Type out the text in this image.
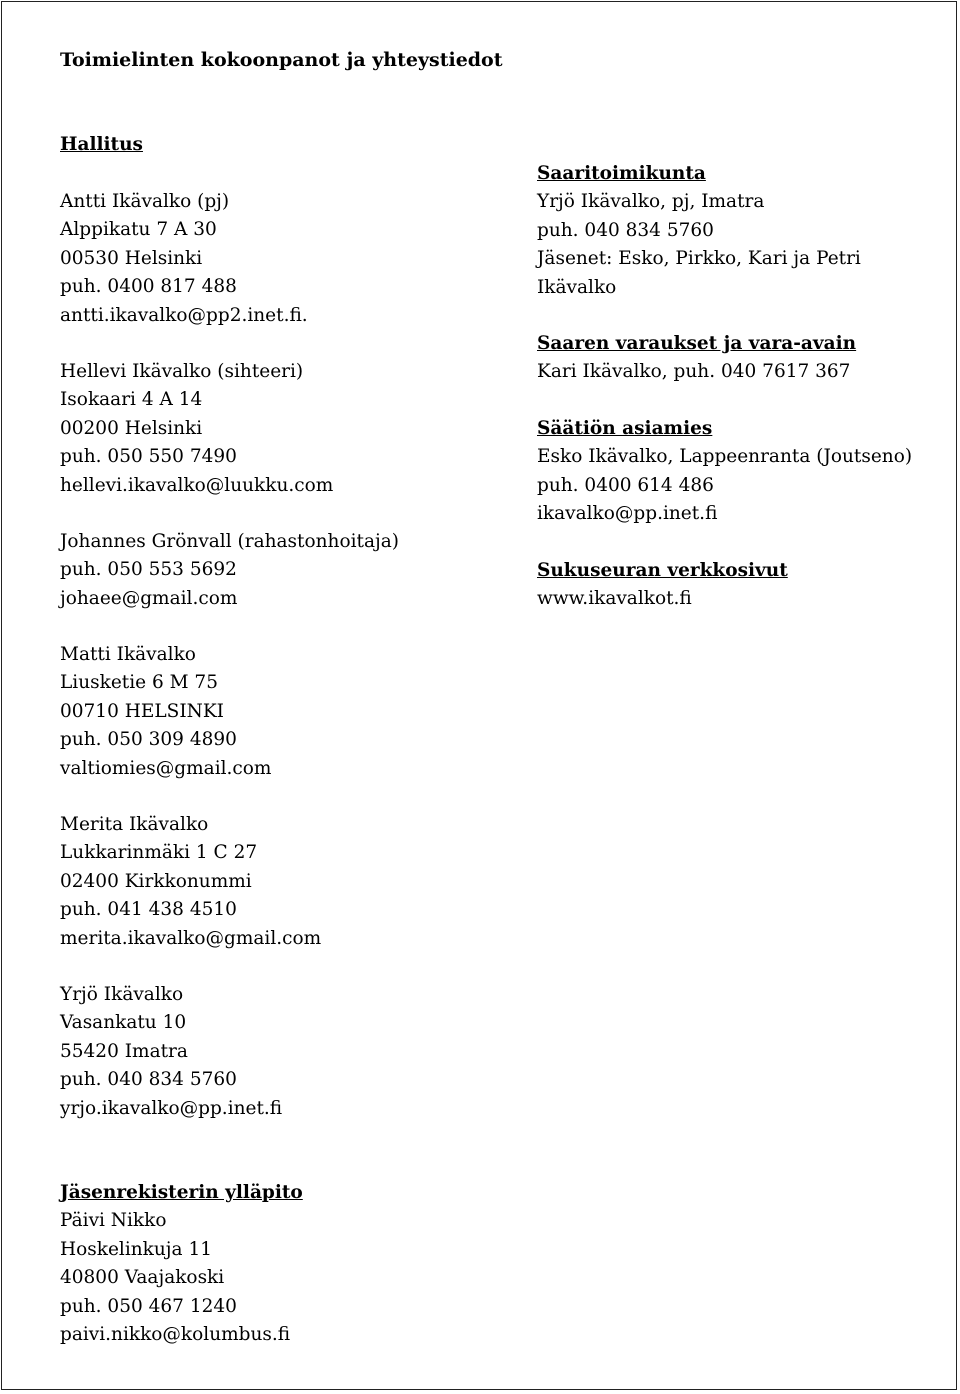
Toimielinten kokoonpanot ja yhteystiedot
Hallitus
Antti Ikävalko (pj)
Alppikatu 7 A 30
00530 Helsinki
puh. 0400 817 488
antti.ikavalko@pp2.inet.fi.
Hellevi Ikävalko (sihteeri)
Isokaari 4 A 14
00200 Helsinki
puh. 050 550 7490
hellevi.ikavalko@luukku.com
Johannes Grönvall (rahastonhoitaja)
puh. 050 553 5692
johaee@gmail.com
Matti Ikävalko
Liusketie 6 M 75
00710 HELSINKI
puh. 050 309 4890
valtiomies@gmail.com
Merita Ikävalko
Lukkarinmäki 1 C 27
02400 Kirkkonummi
puh. 041 438 4510
merita.ikavalko@gmail.com
Yrjö Ikävalko
Vasankatu 10
55420 Imatra
puh. 040 834 5760
yrjo.ikavalko@pp.inet.fi
Jäsenrekisterin ylläpito
Päivi Nikko
Hoskelinkuja 11
40800 Vaajakoski
puh. 050 467 1240
paivi.nikko@kolumbus.fi
Saaritoimikunta
Yrjö Ikävalko, pj, Imatra
puh. 040 834 5760
Jäsenet: Esko, Pirkko, Kari ja Petri
Ikävalko
Saaren varaukset ja vara-avain
Kari Ikävalko, puh. 040 7617 367
Säätiön asiamies
Esko Ikävalko, Lappeenranta (Joutseno)
puh. 0400 614 486
ikavalko@pp.inet.fi
Sukuseuran verkkosivut
www.ikavalkot.fi
